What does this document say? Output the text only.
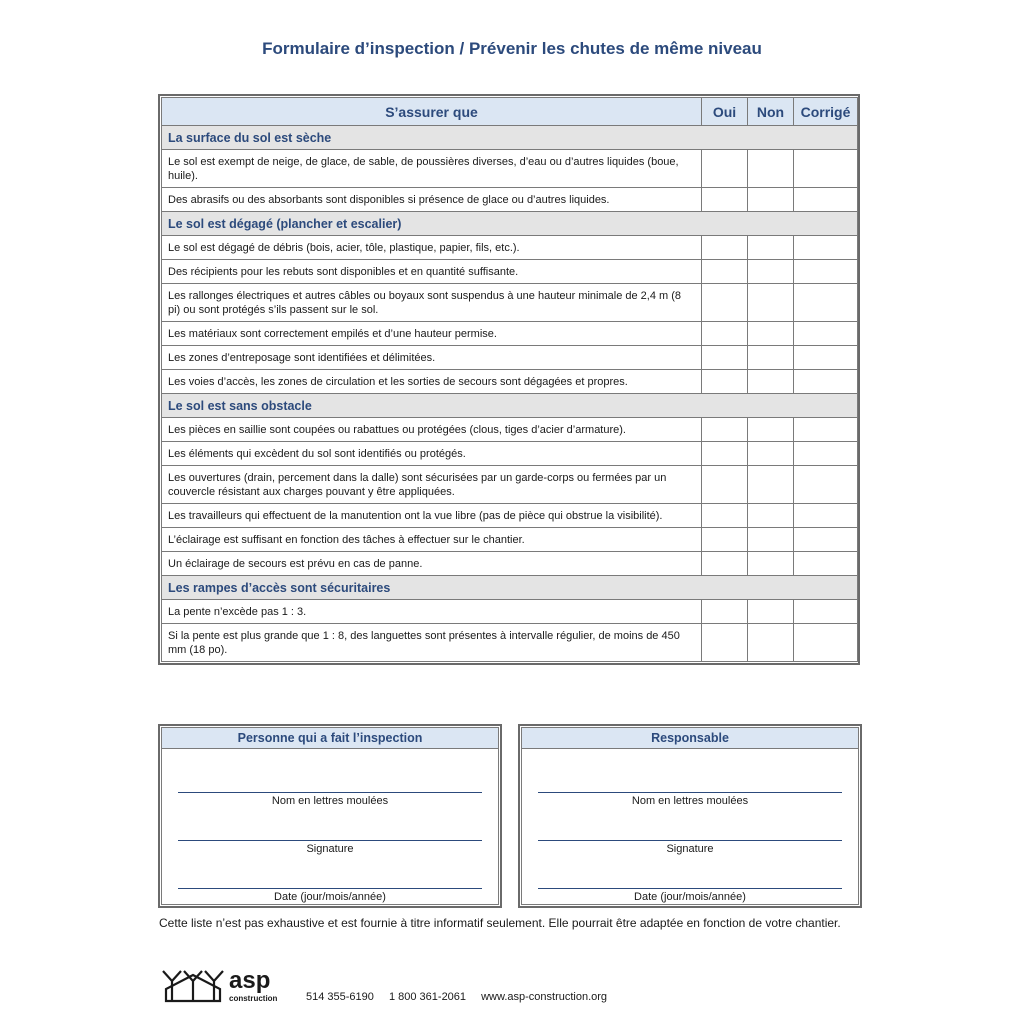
Formulaire d’inspection / Prévenir les chutes de même niveau
S’assurer que	Oui	Non	Corrigé
La surface du sol est sèche			
Le sol est exempt de neige, de glace, de sable, de poussières diverses, d’eau ou d’autres liquides (boue, huile).			
Des abrasifs ou des absorbants sont disponibles si présence de glace ou d’autres liquides.			
Le sol est dégagé (plancher et escalier)			
Le sol est dégagé de débris (bois, acier, tôle, plastique, papier, fils, etc.).			
Des récipients pour les rebuts sont disponibles et en quantité suffisante.			
Les rallonges électriques et autres câbles ou boyaux sont suspendus à une hauteur minimale de 2,4 m (8 pi) ou sont protégés s’ils passent sur le sol.			
Les matériaux sont correctement empilés et d’une hauteur permise.			
Les zones d’entreposage sont identifiées et délimitées.			
Les voies d’accès, les zones de circulation et les sorties de secours sont dégagées et propres.			
Le sol est sans obstacle			
Les pièces en saillie sont coupées ou rabattues ou protégées (clous, tiges d’acier d’armature).			
Les éléments qui excèdent du sol sont identifiés ou protégés.			
Les ouvertures (drain, percement dans la dalle) sont sécurisées par un garde-corps ou fermées par un couvercle résistant aux charges pouvant y être appliquées.			
Les travailleurs qui effectuent de la manutention ont la vue libre (pas de pièce qui obstrue la visibilité).			
L’éclairage est suffisant en fonction des tâches à effectuer sur le chantier.			
Un éclairage de secours est prévu en cas de panne.			
Les rampes d’accès sont sécuritaires			
La pente n’excède pas 1 : 3.			
Si la pente est plus grande que 1 : 8, des languettes sont présentes à intervalle régulier, de moins de 450 mm (18 po).			
Personne qui a fait l’inspection
Nom en lettres moulées
Signature
Date (jour/mois/année)
Responsable
Nom en lettres moulées
Signature
Date (jour/mois/année)
Cette liste n’est pas exhaustive et est fournie à titre informatif seulement. Elle pourrait être adaptée en fonction de votre chantier.
asp
construction	514 355-6190 1 800 361-2061 www.asp-construction.org
